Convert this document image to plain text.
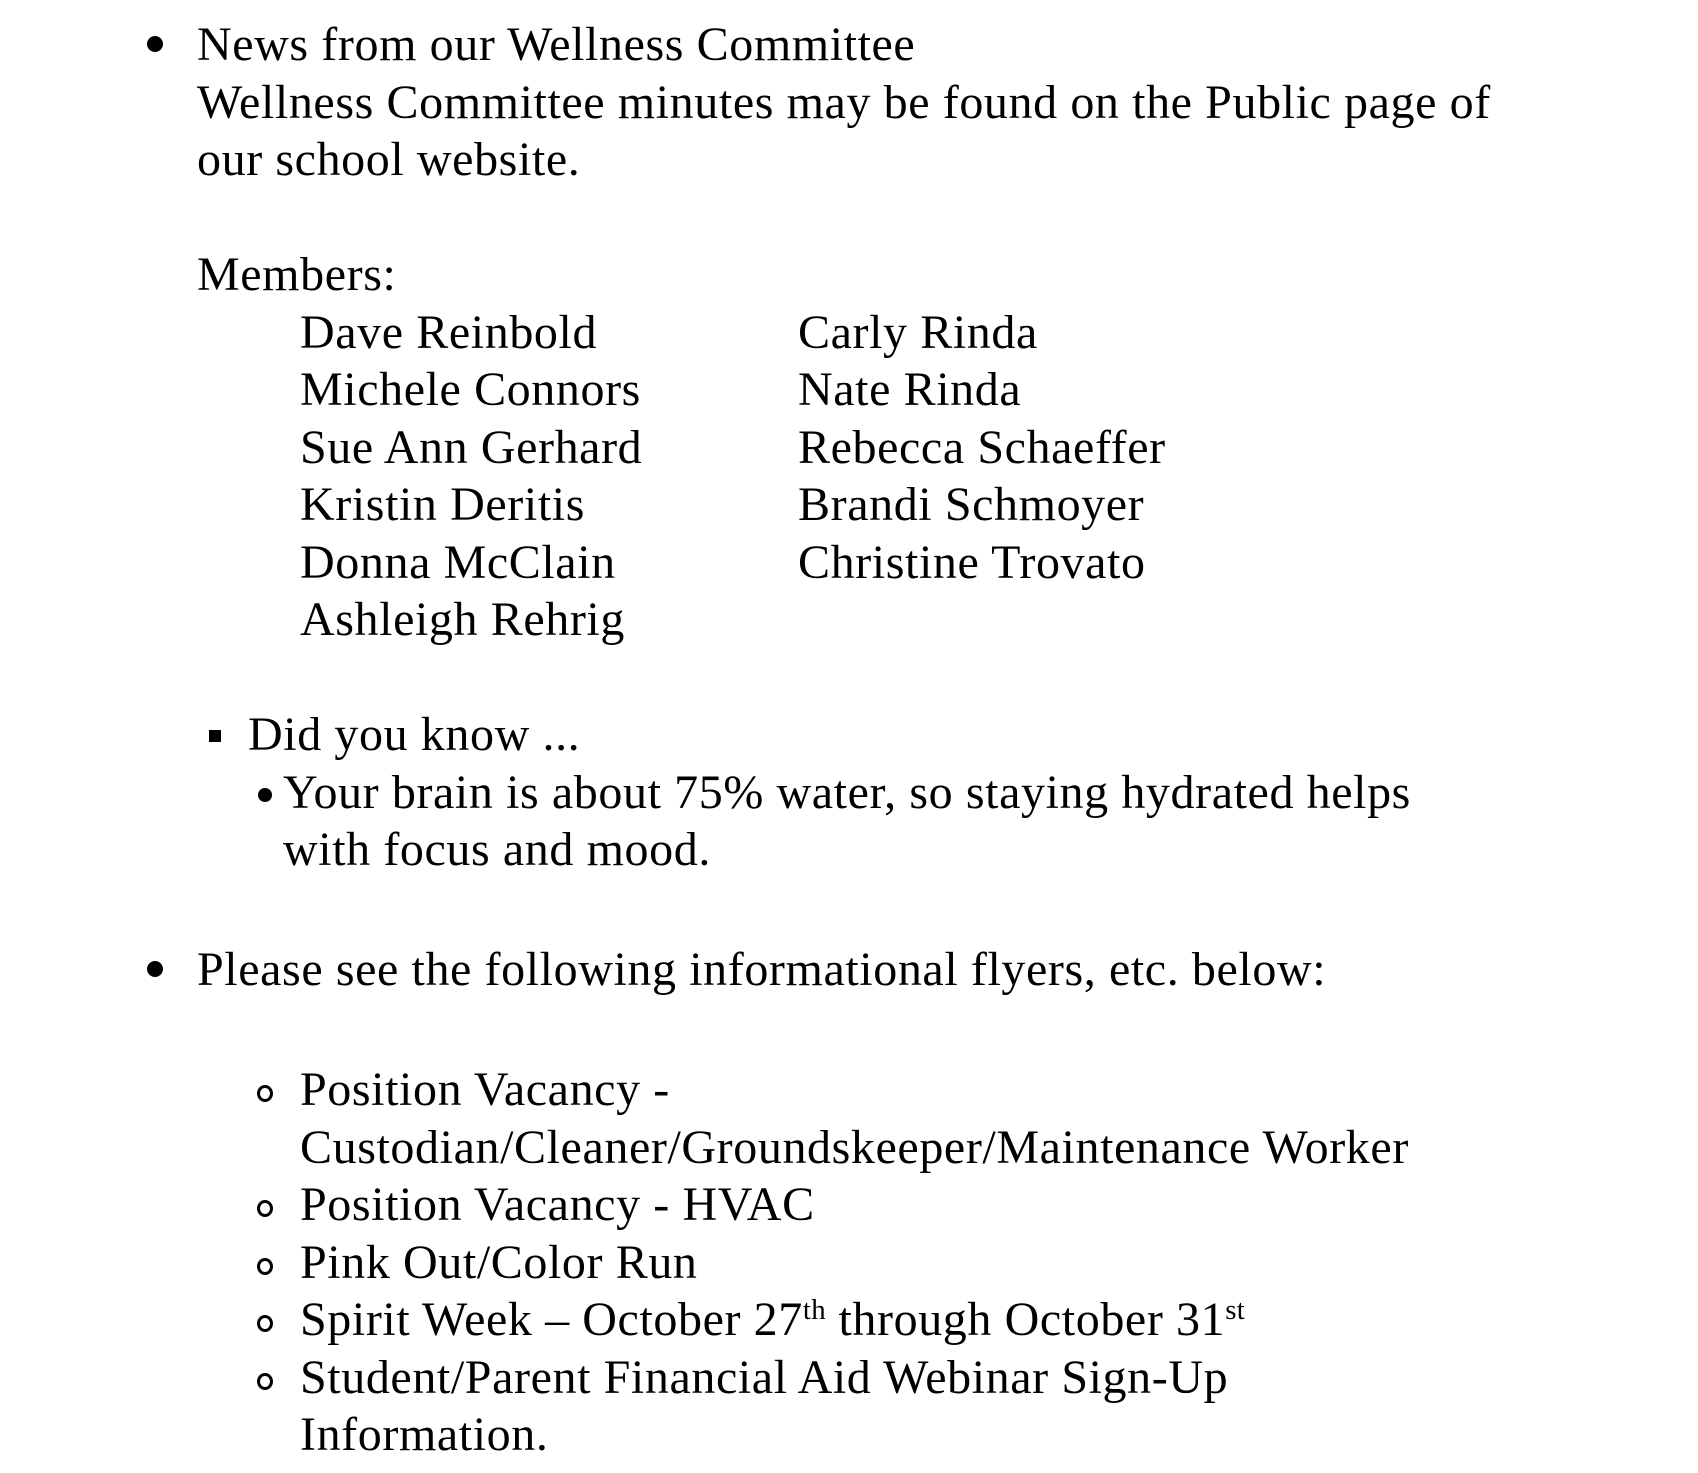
News from our Wellness Committee
Wellness Committee minutes may be found on the Public page of
our school website.
Members:
Dave Reinbold	Carly Rinda
Michele Connors	Nate Rinda
Sue Ann Gerhard	Rebecca Schaeffer
Kristin Deritis	Brandi Schmoyer
Donna McClain	Christine Trovato
Ashleigh Rehrig
Did you know ...
Your brain is about 75% water, so staying hydrated helps
with focus and mood.
Please see the following informational flyers, etc. below:
Position Vacancy -
Custodian/Cleaner/Groundskeeper/Maintenance Worker
Position Vacancy - HVAC
Pink Out/Color Run
Spirit Week – October 27th through October 31st
Student/Parent Financial Aid Webinar Sign-Up
Information.
